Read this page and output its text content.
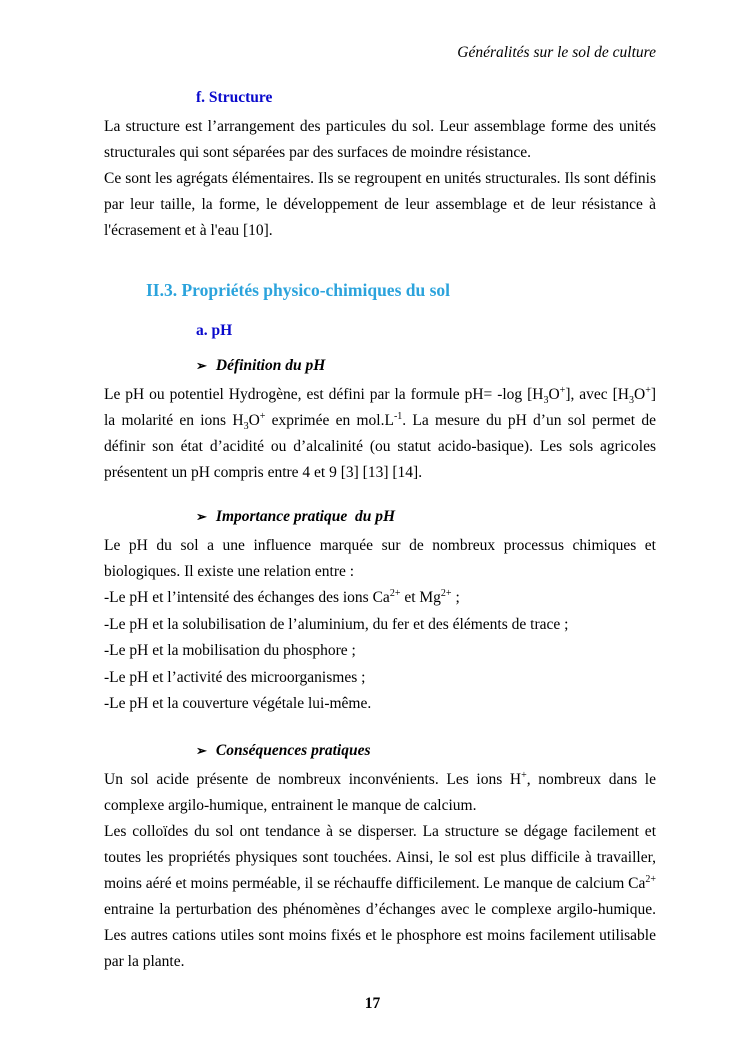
Généralités sur le sol de culture
f. Structure

La structure est l’arrangement des particules du sol. Leur assemblage forme des unités structurales qui sont séparées par des surfaces de moindre résistance.

Ce sont les agrégats élémentaires. Ils se regroupent en unités structurales. Ils sont définis par leur taille, la forme, le développement de leur assemblage et de leur résistance à l'écrasement et à l'eau [10].

II.3. Propriétés physico-chimiques du sol
a. pH
➢ Définition du pH

Le pH ou potentiel Hydrogène, est défini par la formule pH= -log $[H_3O^+]$, avec $[H_3O^+]$ la molarité en ions $H_3O^+$ exprimée en $mol.L^{-1}$. La mesure du pH d’un sol permet de définir son état d’acidité ou d’alcalinité (ou statut acido-basique). Les sols agricoles présentent un pH compris entre 4 et 9 [3] [13] [14].

➢ Importance pratique  du pH

Le pH du sol a une influence marquée sur de nombreux processus chimiques et biologiques. Il existe une relation entre :

-Le pH et l’intensité des échanges des ions $Ca^{2+}$ et $Mg^{2+}$ ;
-Le pH et la solubilisation de l’aluminium, du fer et des éléments de trace ;
-Le pH et la mobilisation du phosphore ;
-Le pH et l’activité des microorganismes ;
-Le pH et la couverture végétale lui-même.
➢ Conséquences pratiques

Un sol acide présente de nombreux inconvénients. Les ions H+, nombreux dans le complexe argilo-humique, entrainent le manque de calcium.

Les colloïdes du sol ont tendance à se disperser. La structure se dégage facilement et toutes les propriétés physiques sont touchées. Ainsi, le sol est plus difficile à travailler, moins aéré et moins perméable, il se réchauffe difficilement. Le manque de calcium $Ca^{2+}$ entraine la perturbation des phénomènes d’échanges avec le complexe argilo-humique. Les autres cations utiles sont moins fixés et le phosphore est moins facilement utilisable par la plante.

17
